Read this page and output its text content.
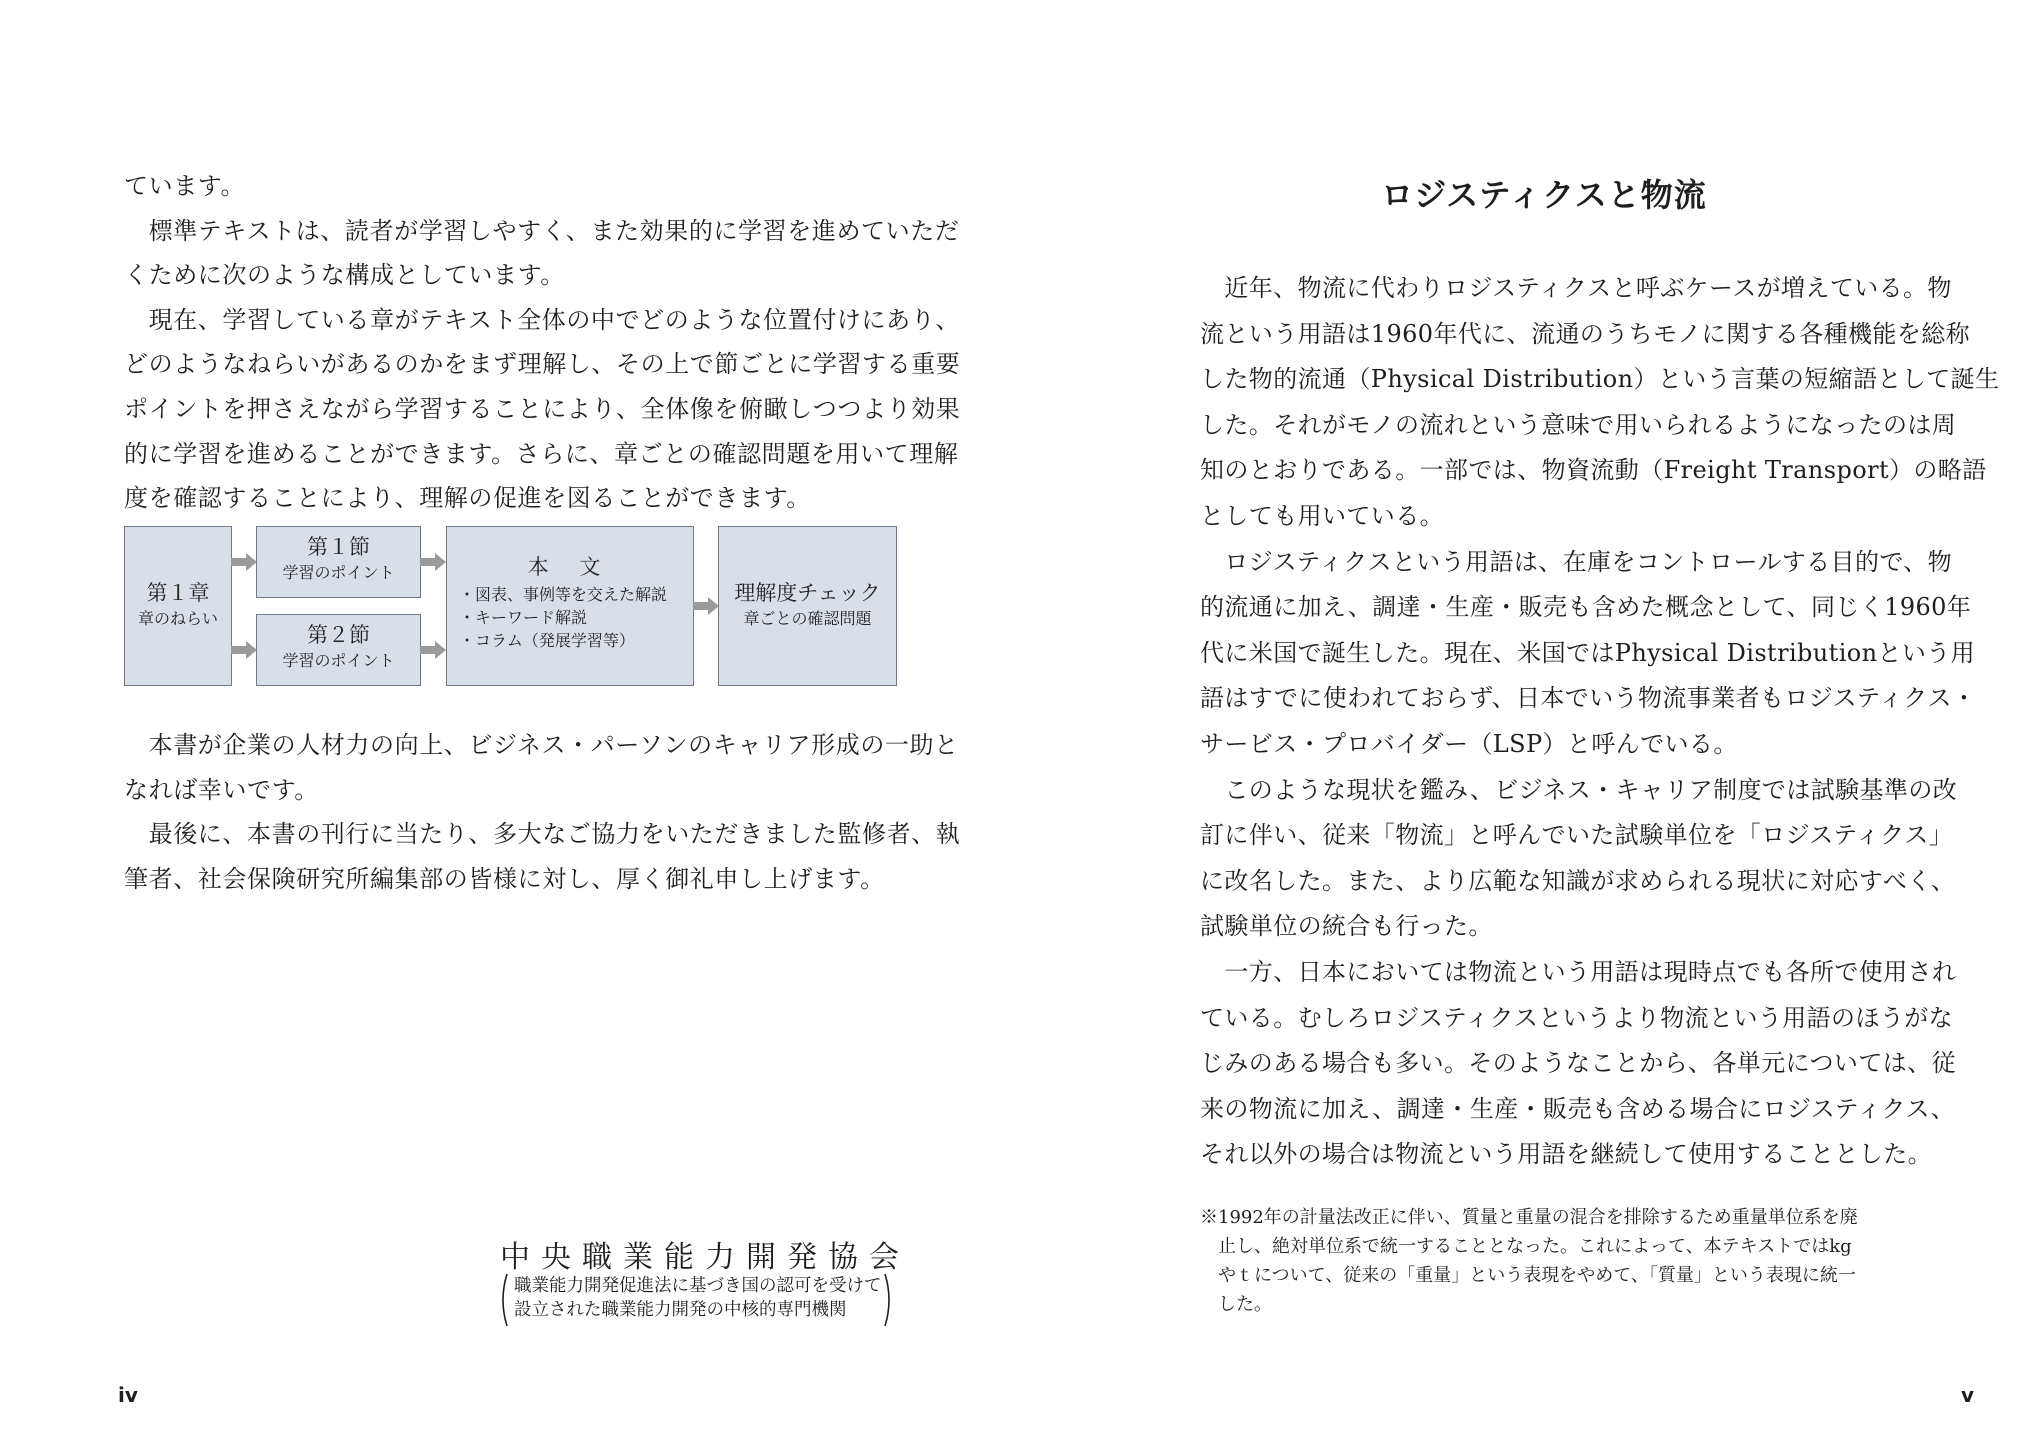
ています。

　標準テキストは、読者が学習しやすく、また効果的に学習を進めていただ

くために次のような構成としています。

　現在、学習している章がテキスト全体の中でどのような位置付けにあり、

どのようなねらいがあるのかをまず理解し、その上で節ごとに学習する重要

ポイントを押さえながら学習することにより、全体像を俯瞰しつつより効果

的に学習を進めることができます。さらに、章ごとの確認問題を用いて理解

度を確認することにより、理解の促進を図ることができます。

第１章
章のねらい
第１節
学習のポイント
第２節
学習のポイント
本 文
・図表、事例等を交えた解説
・キーワード解説
・コラム（発展学習等）
理解度チェック
章ごとの確認問題

　本書が企業の人材力の向上、ビジネス・パーソンのキャリア形成の一助と

なれば幸いです。

　最後に、本書の刊行に当たり、多大なご協力をいただきました監修者、執

筆者、社会保険研究所編集部の皆様に対し、厚く御礼申し上げます。

中央職業能力開発協会
職業能力開発促進法に基づき国の認可を受けて
設立された職業能力開発の中核的専門機関
iv
ロジスティクスと物流

　近年、物流に代わりロジスティクスと呼ぶケースが増えている。物

流という用語は1960年代に、流通のうちモノに関する各種機能を総称

した物的流通（Physical Distribution）という言葉の短縮語として誕生

した。それがモノの流れという意味で用いられるようになったのは周

知のとおりである。一部では、物資流動（Freight Transport）の略語

としても用いている。

　ロジスティクスという用語は、在庫をコントロールする目的で、物

的流通に加え、調達・生産・販売も含めた概念として、同じく1960年

代に米国で誕生した。現在、米国ではPhysical Distributionという用

語はすでに使われておらず、日本でいう物流事業者もロジスティクス・

サービス・プロバイダー（LSP）と呼んでいる。

　このような現状を鑑み、ビジネス・キャリア制度では試験基準の改

訂に伴い、従来「物流」と呼んでいた試験単位を「ロジスティクス」

に改名した。また、より広範な知識が求められる現状に対応すべく、

試験単位の統合も行った。

　一方、日本においては物流という用語は現時点でも各所で使用され

ている。むしろロジスティクスというより物流という用語のほうがな

じみのある場合も多い。そのようなことから、各単元については、従

来の物流に加え、調達・生産・販売も含める場合にロジスティクス、

それ以外の場合は物流という用語を継続して使用することとした。

※1992年の計量法改正に伴い、質量と重量の混合を排除するため重量単位系を廃

止し、絶対単位系で統一することとなった。これによって、本テキストではkg

やｔについて、従来の「重量」という表現をやめて、「質量」という表現に統一

した。

v
